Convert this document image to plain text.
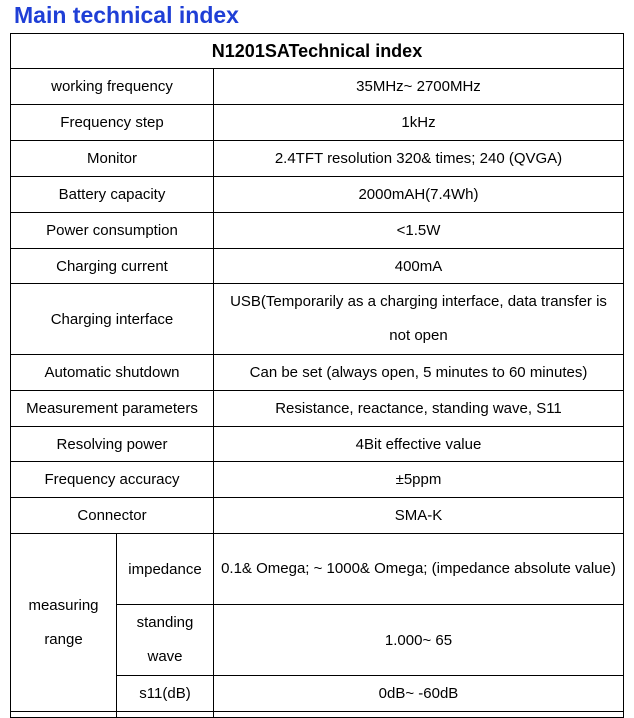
Main technical index
N1201SATechnical index		
working frequency		35MHz~ 2700MHz
Frequency step		1kHz
Monitor		2.4TFT resolution 320& times; 240 (QVGA)
Battery capacity		2000mAH(7.4Wh)
Power consumption		<1.5W
Charging current		400mA
Charging interface		USB(Temporarily as a charging interface, data transfer is not open
Automatic shutdown		Can be set (always open, 5 minutes to 60 minutes)
Measurement parameters		Resistance, reactance, standing wave, S11
Resolving power		4Bit effective value
Frequency accuracy		±5ppm
Connector		SMA-K
measuring range	impedance	0.1& Omega; ~ 1000& Omega; (impedance absolute value)
	standing wave	1.000~ 65
	s11(dB)	0dB~ -60dB
